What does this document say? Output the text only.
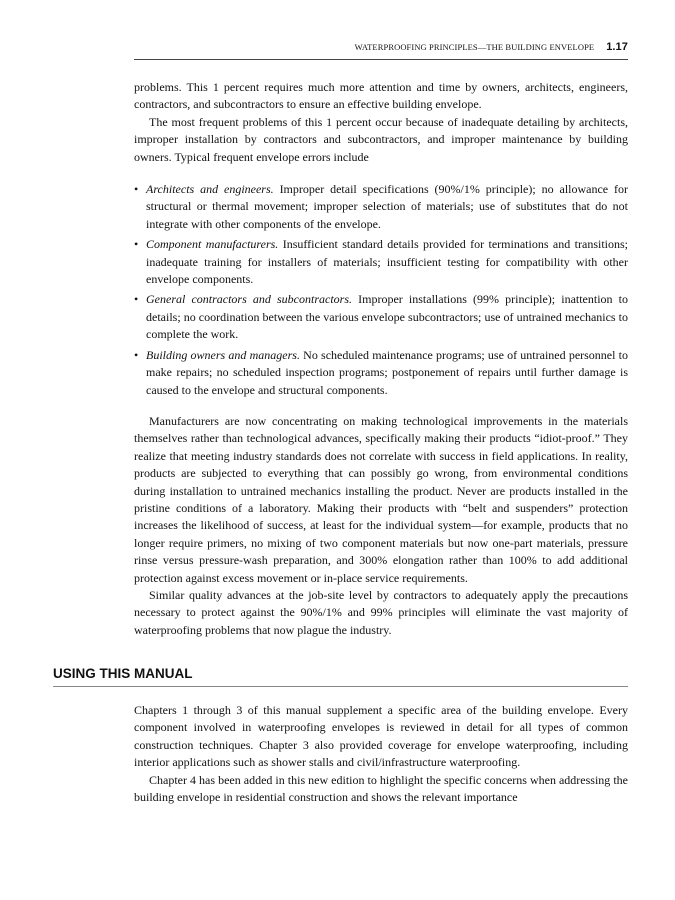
WATERPROOFING PRINCIPLES—THE BUILDING ENVELOPE 1.17

problems. This 1 percent requires much more attention and time by owners, architects, engineers, contractors, and subcontractors to ensure an effective building envelope.

The most frequent problems of this 1 percent occur because of inadequate detailing by architects, improper installation by contractors and subcontractors, and improper maintenance by building owners. Typical frequent envelope errors include

• Architects and engineers. Improper detail specifications (90%/1% principle); no allowance for structural or thermal movement; improper selection of materials; use of substitutes that do not integrate with other components of the envelope.
• Component manufacturers. Insufficient standard details provided for terminations and transitions; inadequate training for installers of materials; insufficient testing for compatibility with other envelope components.
• General contractors and subcontractors. Improper installations (99% principle); inattention to details; no coordination between the various envelope subcontractors; use of untrained mechanics to complete the work.
• Building owners and managers. No scheduled maintenance programs; use of untrained personnel to make repairs; no scheduled inspection programs; postponement of repairs until further damage is caused to the envelope and structural components.

Manufacturers are now concentrating on making technological improvements in the materials themselves rather than technological advances, specifically making their products “idiot-proof.” They realize that meeting industry standards does not correlate with success in field applications. In reality, products are subjected to everything that can possibly go wrong, from environmental conditions during installation to untrained mechanics installing the product. Never are products installed in the pristine conditions of a laboratory. Making their products with “belt and suspenders” protection increases the likelihood of success, at least for the individual system—for example, products that no longer require primers, no mixing of two component materials but now one-part materials, pressure rinse versus pressure-wash preparation, and 300% elongation rather than 100% to add additional protection against excess movement or in-place service requirements.

Similar quality advances at the job-site level by contractors to adequately apply the precautions necessary to protect against the 90%/1% and 99% principles will eliminate the vast majority of waterproofing problems that now plague the industry.

USING THIS MANUAL

Chapters 1 through 3 of this manual supplement a specific area of the building envelope. Every component involved in waterproofing envelopes is reviewed in detail for all types of common construction techniques. Chapter 3 also provided coverage for envelope waterproofing, including interior applications such as shower stalls and civil/infrastructure waterproofing.

Chapter 4 has been added in this new edition to highlight the specific concerns when addressing the building envelope in residential construction and shows the relevant importance
